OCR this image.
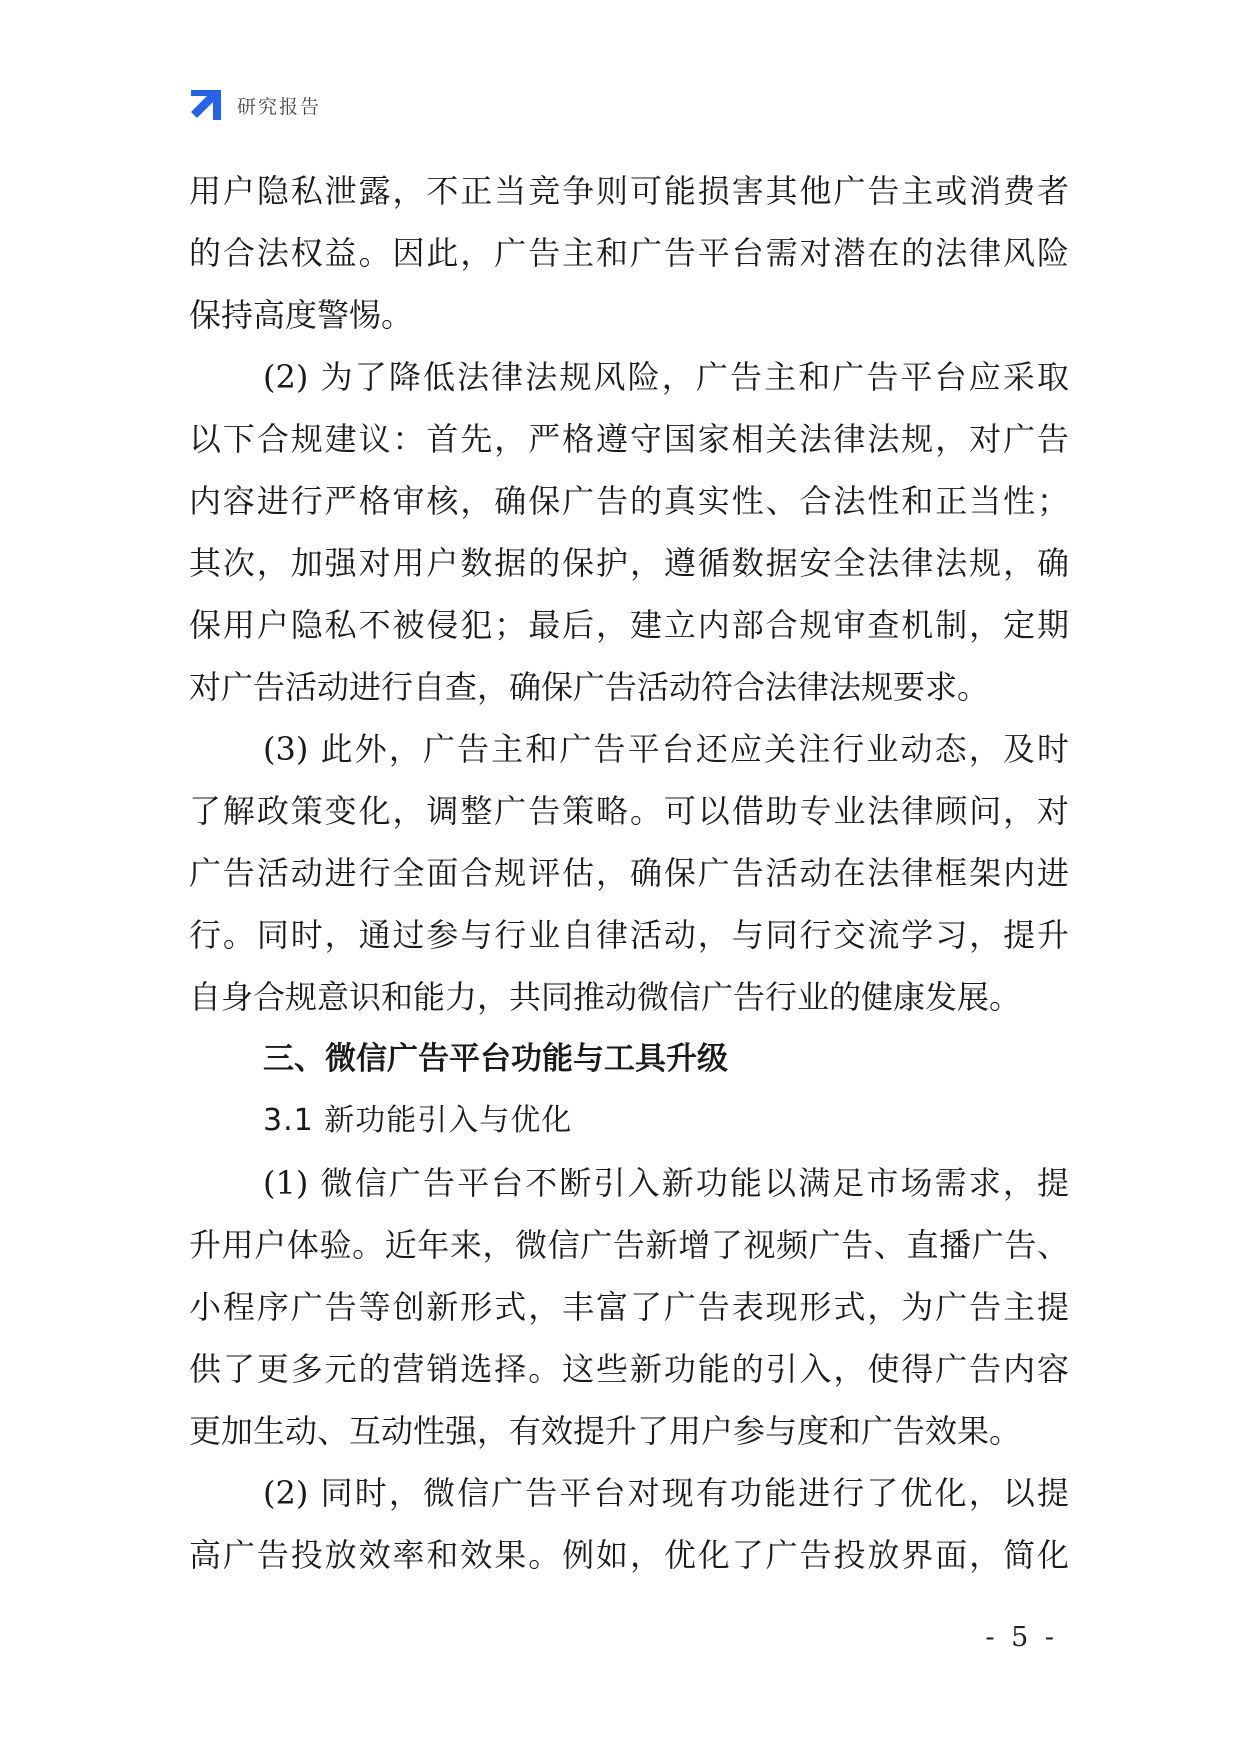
研究报告
用户隐私泄露，不正当竞争则可能损害其他广告主或消费者
的合法权益。因此，广告主和广告平台需对潜在的法律风险
保持高度警惕。
(2) 为了降低法律法规风险，广告主和广告平台应采取
以下合规建议：首先，严格遵守国家相关法律法规，对广告
内容进行严格审核，确保广告的真实性、合法性和正当性；
其次，加强对用户数据的保护，遵循数据安全法律法规，确
保用户隐私不被侵犯；最后，建立内部合规审查机制，定期
对广告活动进行自查，确保广告活动符合法律法规要求。
(3) 此外，广告主和广告平台还应关注行业动态，及时
了解政策变化，调整广告策略。可以借助专业法律顾问，对
广告活动进行全面合规评估，确保广告活动在法律框架内进
行。同时，通过参与行业自律活动，与同行交流学习，提升
自身合规意识和能力，共同推动微信广告行业的健康发展。
三、微信广告平台功能与工具升级
3.1 新功能引入与优化
(1) 微信广告平台不断引入新功能以满足市场需求，提
升用户体验。近年来，微信广告新增了视频广告、直播广告、
小程序广告等创新形式，丰富了广告表现形式，为广告主提
供了更多元的营销选择。这些新功能的引入，使得广告内容
更加生动、互动性强，有效提升了用户参与度和广告效果。
(2) 同时，微信广告平台对现有功能进行了优化，以提
高广告投放效率和效果。例如，优化了广告投放界面，简化
- 5 -
